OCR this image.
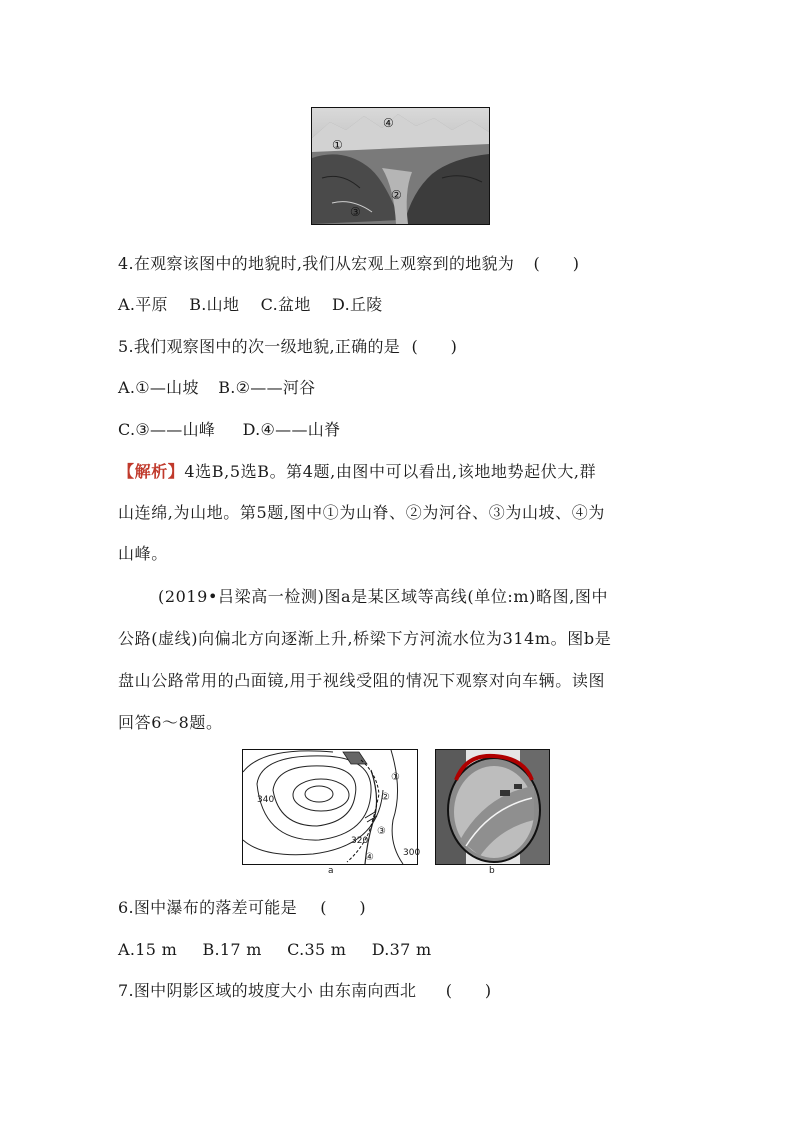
④
①
②
③
4.在观察该图中的地貌时,我们从宏观上观察到的地貌为 (　　)
A.平原 B.山地 C.盆地 D.丘陵
5.我们观察图中的次一级地貌,正确的是 (　　)
A.①—山坡 B.②——河谷
C.③——山峰 D.④——山脊
【解析】4选B,5选B。第4题,由图中可以看出,该地地势起伏大,群
山连绵,为山地。第5题,图中①为山脊、②为河谷、③为山坡、④为
山峰。
(2019•吕梁高一检测)图a是某区域等高线(单位:m)略图,图中
公路(虚线)向偏北方向逐渐上升,桥梁下方河流水位为314m。图b是
盘山公路常用的凸面镜,用于视线受阻的情况下观察对向车辆。读图
回答6～8题。
340
320
300
①
②
③
④
a	b
6.图中瀑布的落差可能是 (　　)
A.15 m B.17 m C.35 m D.37 m
7.图中阴影区域的坡度大小 由东南向西北 (　　)
